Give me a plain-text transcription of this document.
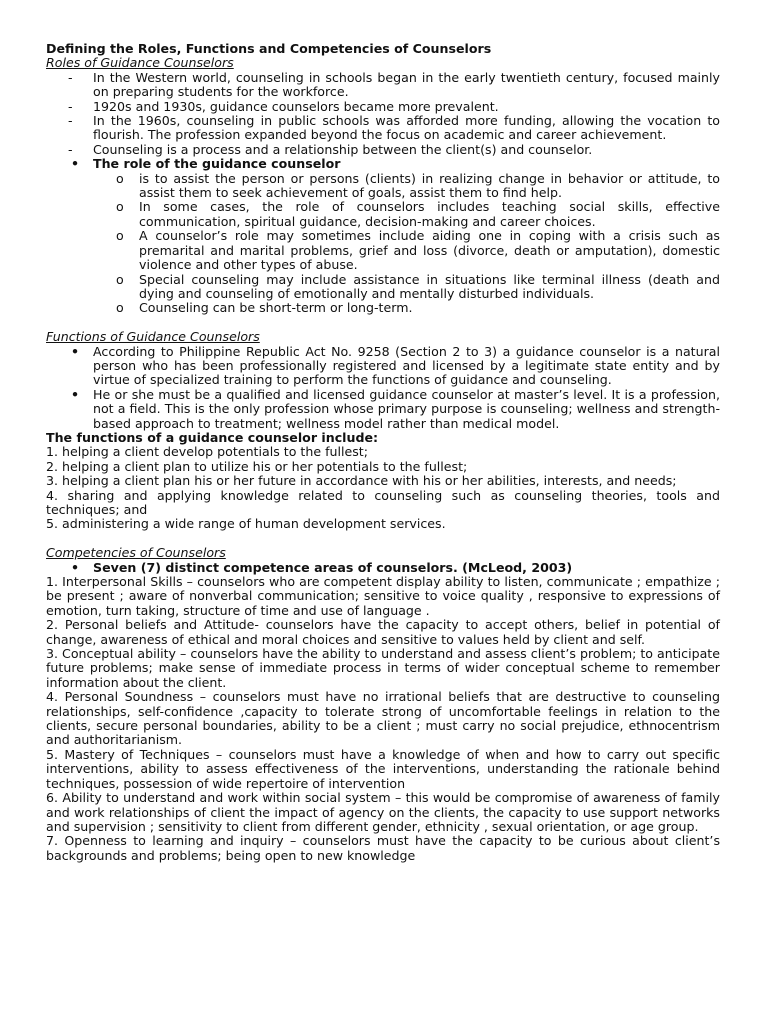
Defining the Roles, Functions and Competencies of Counselors

Roles of Guidance Counselors

- In the Western world, counseling in schools began in the early twentieth century, focused mainly on preparing students for the workforce.

- 1920s and 1930s, guidance counselors became more prevalent.

- In the 1960s, counseling in public schools was afforded more funding, allowing the vocation to flourish. The profession expanded beyond the focus on academic and career achievement.

- Counseling is a process and a relationship between the client(s) and counselor.

• The role of the guidance counselor

o is to assist the person or persons (clients) in realizing change in behavior or attitude, to assist them to seek achievement of goals, assist them to find help.

o In some cases, the role of counselors includes teaching social skills, effective communication, spiritual guidance, decision-making and career choices.

o A counselor’s role may sometimes include aiding one in coping with a crisis such as premarital and marital problems, grief and loss (divorce, death or amputation), domestic violence and other types of abuse.

o Special counseling may include assistance in situations like terminal illness (death and dying and counseling of emotionally and mentally disturbed individuals.

o Counseling can be short-term or long-term.

Functions of Guidance Counselors

• According to Philippine Republic Act No. 9258 (Section 2 to 3) a guidance counselor is a natural person who has been professionally registered and licensed by a legitimate state entity and by virtue of specialized training to perform the functions of guidance and counseling.

• He or she must be a qualified and licensed guidance counselor at master’s level. It is a profession, not a field. This is the only profession whose primary purpose is counseling; wellness and strength-based approach to treatment; wellness model rather than medical model.

The functions of a guidance counselor include:

1. helping a client develop potentials to the fullest;

2. helping a client plan to utilize his or her potentials to the fullest;

3. helping a client plan his or her future in accordance with his or her abilities, interests, and needs;

4. sharing and applying knowledge related to counseling such as counseling theories, tools and techniques; and

5. administering a wide range of human development services.

Competencies of Counselors

• Seven (7) distinct competence areas of counselors. (McLeod, 2003)

1. Interpersonal Skills – counselors who are competent display ability to listen, communicate ; empathize ; be present ; aware of nonverbal communication; sensitive to voice quality , responsive to expressions of emotion, turn taking, structure of time and use of language .

2. Personal beliefs and Attitude- counselors have the capacity to accept others, belief in potential of change, awareness of ethical and moral choices and sensitive to values held by client and self.

3. Conceptual ability – counselors have the ability to understand and assess client’s problem; to anticipate future problems; make sense of immediate process in terms of wider conceptual scheme to remember information about the client.

4. Personal Soundness – counselors must have no irrational beliefs that are destructive to counseling relationships, self-confidence ,capacity to tolerate strong of uncomfortable feelings in relation to the clients, secure personal boundaries, ability to be a client ; must carry no social prejudice, ethnocentrism and authoritarianism.

5. Mastery of Techniques – counselors must have a knowledge of when and how to carry out specific interventions, ability to assess effectiveness of the interventions, understanding the rationale behind techniques, possession of wide repertoire of intervention

6. Ability to understand and work within social system – this would be compromise of awareness of family and work relationships of client the impact of agency on the clients, the capacity to use support networks and supervision ; sensitivity to client from different gender, ethnicity , sexual orientation, or age group.

7. Openness to learning and inquiry – counselors must have the capacity to be curious about client’s backgrounds and problems; being open to new knowledge
